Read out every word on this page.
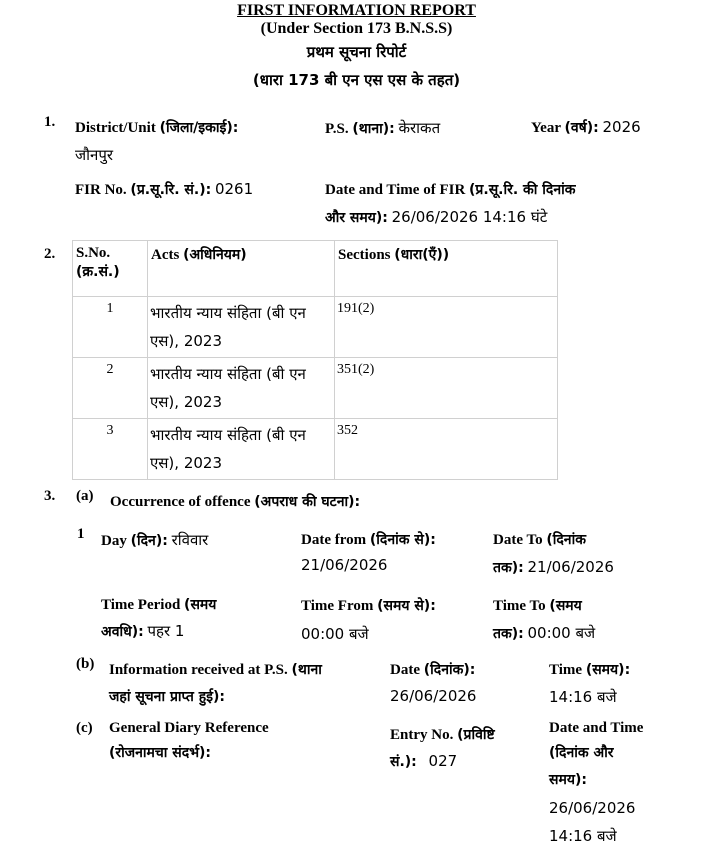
FIRST INFORMATION REPORT
(Under Section 173 B.N.S.S)
प्रथम सूचना रिपोर्ट
(धारा 173 बी एन एस एस के तहत)
1. District/Unit (जिला/इकाई):
जौनपुर
P.S. (थाना): केराकत	Year (वर्ष): 2026
FIR No. (प्र.सू.रि. सं.): 0261	Date and Time of FIR (प्र.सू.रि. की दिनांक
और समय): 26/06/2026 14:16 घंटे
2. S.No.
(क्र.सं.)	Acts (अधिनियम)	Sections (धारा(एँ))
1	भारतीय न्याय संहिता (बी एन एस), 2023	191(2)
2	भारतीय न्याय संहिता (बी एन एस), 2023	351(2)
3	भारतीय न्याय संहिता (बी एन एस), 2023	352
3. (a) Occurrence of offence (अपराध की घटना):
1 Day (दिन): रविवार	Date from (दिनांक से):
21/06/2026
Date To (दिनांक
तक): 21/06/2026
Time Period (समय
अवधि): पहर 1
Time From (समय से):
00:00 बजे
Time To (समय
तक): 00:00 बजे
(b) Information received at P.S. (थाना
जहां सूचना प्राप्त हुई):
Date (दिनांक):
26/06/2026
Time (समय):
14:16 बजे
(c) General Diary Reference
(रोजनामचा संदर्भ):
Entry No. (प्रविष्टि
सं.): 027
Date and Time
(दिनांक और
समय):
26/06/2026
14:16 बजे
